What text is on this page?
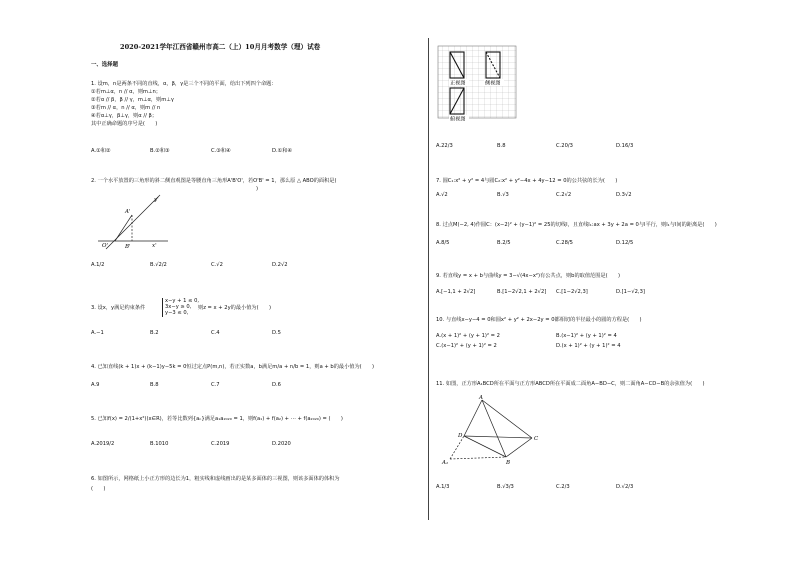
2020-2021学年江西省赣州市高二（上）10月月考数学（理）试卷
一、选择题
1. 设m，n是两条不同的直线，α，β，γ是三个不同的平面，给出下列四个命题：
①若m⊥α，n // α，则m⊥n；
②若α // β，β // γ，m⊥α，则m⊥γ
③若m // α，n // α，则m // n
④若α⊥γ，β⊥γ，则α // β；
其中正确命题的序号是(　　)
A.①和②	B.②和③	C.③和④	D.①和④
2. 一个水平放置的三角形的斜二侧直观图是等腰直角三角形A'B'O'，若O'B' = 1，那么原 △ ABO的面积是(
)
A'
O'	B'	x'
y'
A.1/2	B.√2/2	C.√2	D.2√2
3. 设x，y满足约束条件
x−y + 1 ≤ 0,
3x−y ≥ 0,
y−3 ≤ 0,
则z = x + 2y的最小值为(　　)
A.−1	B.2	C.4	D.5
4. 已知直线(k + 1)x + (k−1)y−5k = 0恒过定点P(m,n)，若正实数a，b满足m/a + n/b = 1，则a + b的最小值为(　　)
A.9	B.8	C.7	D.6
5. 已知f(x) = 2/(1+x²)(x∈R)，若等比数列{aₙ}满足a₁a₂₀₂₀ = 1，则f(a₁) + f(a₂) + ⋯ + f(a₂₀₂₀) = (　　)
A.2019/2	B.1010	C.2019	D.2020
6. 如图所示，网格纸上小正方形的边长为1，粗实线和虚线画出的是某多面体的三视图，则该多面体的体积为
(　　)
正视图	侧视图
俯视图
A.22/3	B.8	C.20/3	D.16/3
7. 圆C₁:x² + y² = 4与圆C₂:x² + y²−4x + 4y−12 = 0的公共弦的长为(　　)
A.√2	B.√3	C.2√2	D.3√2
8. 过点M(−2, 4)作圆C：(x−2)² + (y−1)² = 25的切线l，且直线l₁:ax + 3y + 2a = 0与l平行，则l₁与l间的距离是(　　)
A.8/5	B.2/5	C.28/5	D.12/5
9. 若直线y = x + b与曲线y = 3−√(4x−x²)有公共点，则b的取值范围是(　　)
A.[−1,1 + 2√2]	B.[1−2√2,1 + 2√2] C.[1−2√2,3]	D.[1−√2,3]
10. 与直线x−y−4 = 0和圆x² + y² + 2x−2y = 0都相切的半径最小的圆的方程是(　　)
A.(x + 1)² + (y + 1)² = 2	B.(x−1)² + (y + 1)² = 4
C.(x−1)² + (y + 1)² = 2	D.(x + 1)² + (y + 1)² = 4
11. 如图，正方形A₁BCD所在平面与正方形ABCD所在平面成二面角A−BD−C，则二面角A−CD−B的余弦值为(　　)
A
D	C
B
A₁
A.1/3	B.√3/3	C.2/3	D.√2/3
